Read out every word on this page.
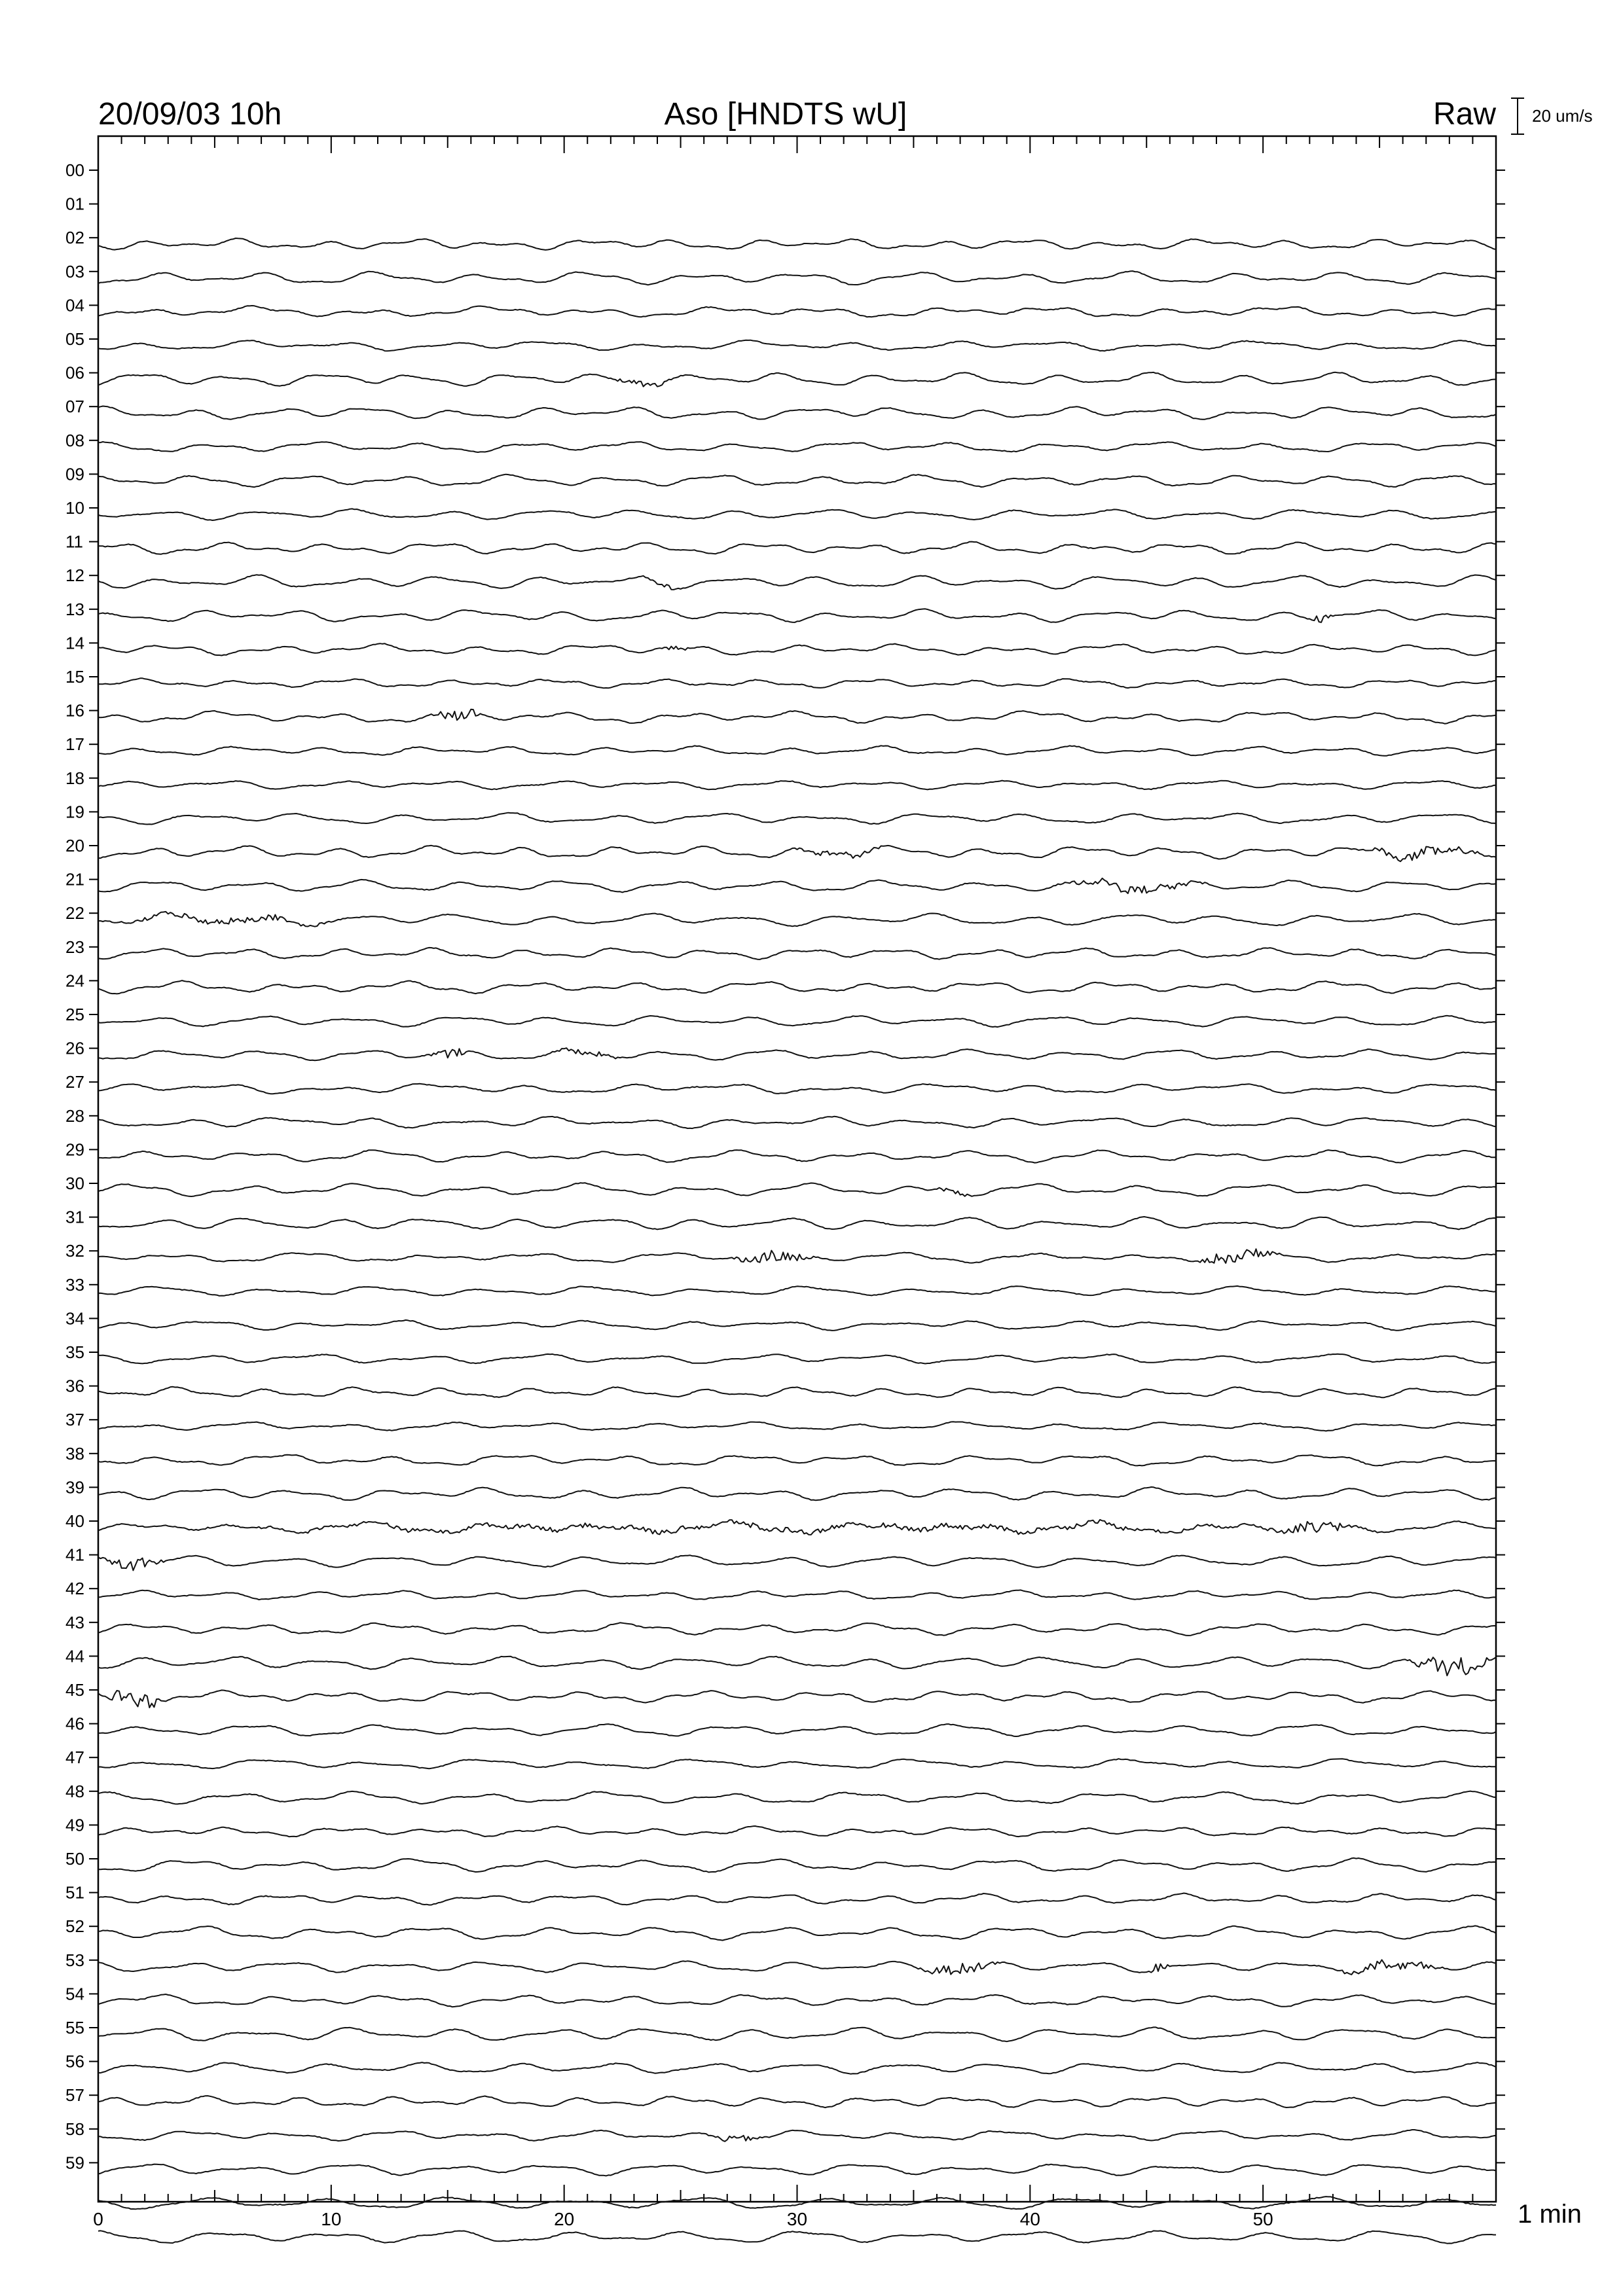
20/09/03 10h	Aso [HNDTS wU]	Raw 20 um/s
00
01
02
03
04
05
06
07
08
09
10
11
12
13
14
15
16
17
18
19
20
21
22
23
24
25
26
27
28
29
30
31
32
33
34
35
36
37
38
39
40
41
42
43
44
45
46
47
48
49
50
51
52
53
54
55
56
57
58
59
0	10	20	30	40	50	1 min
